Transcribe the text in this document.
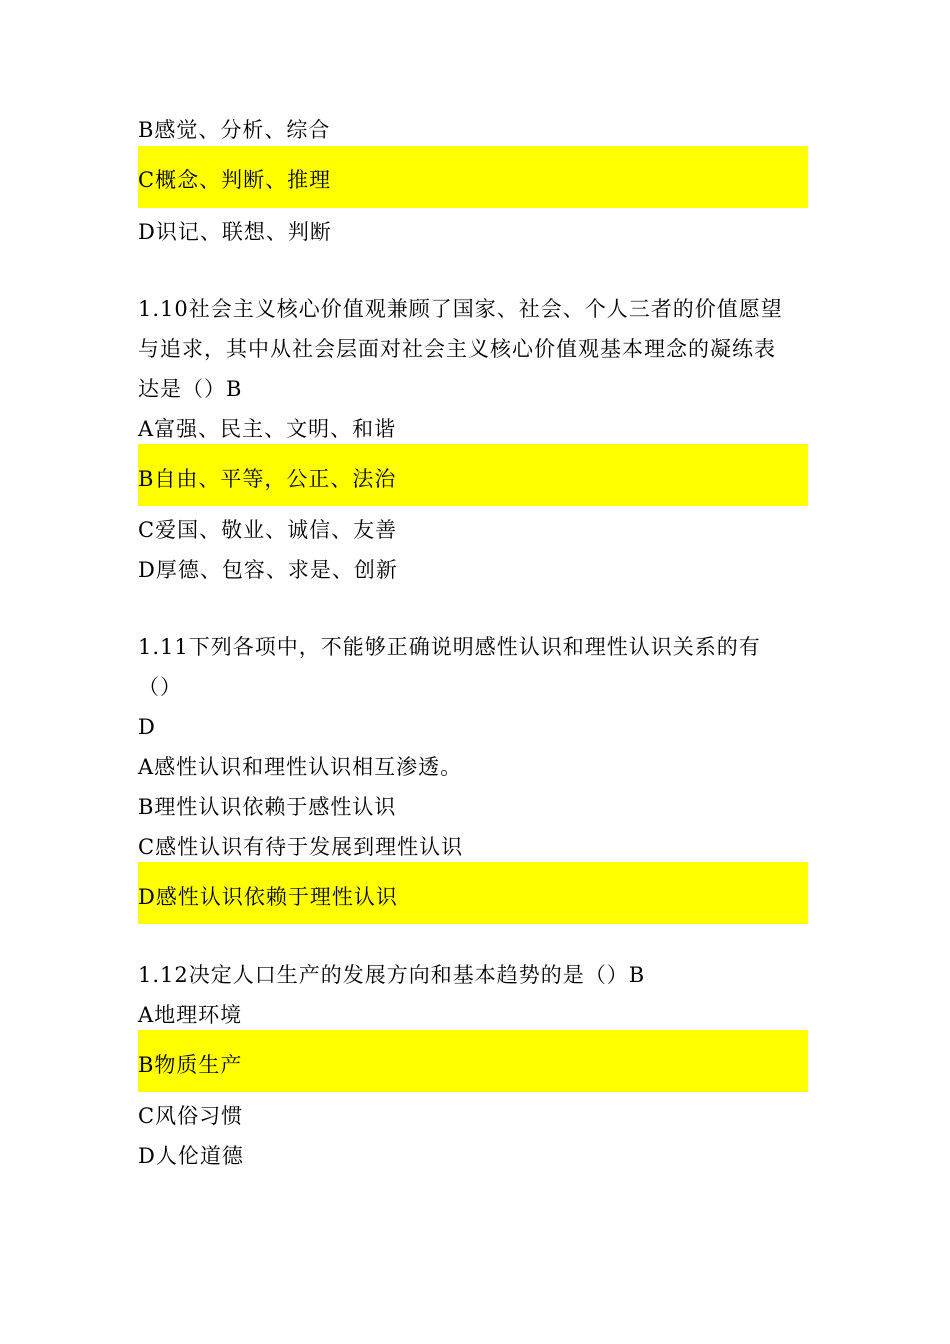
B感觉、分析、综合
C概念、判断、推理
D识记、联想、判断
1.10社会主义核心价值观兼顾了国家、社会、个人三者的价值愿望
与追求，其中从社会层面对社会主义核心价值观基本理念的凝练表
达是（）B
A富强、民主、文明、和谐
B自由、平等，公正、法治
C爱国、敬业、诚信、友善
D厚德、包容、求是、创新
1.11下列各项中，不能够正确说明感性认识和理性认识关系的有
（）
D
A感性认识和理性认识相互渗透。
B理性认识依赖于感性认识
C感性认识有待于发展到理性认识
D感性认识依赖于理性认识
1.12决定人口生产的发展方向和基本趋势的是（）B
A地理环境
B物质生产
C风俗习惯
D人伦道德
